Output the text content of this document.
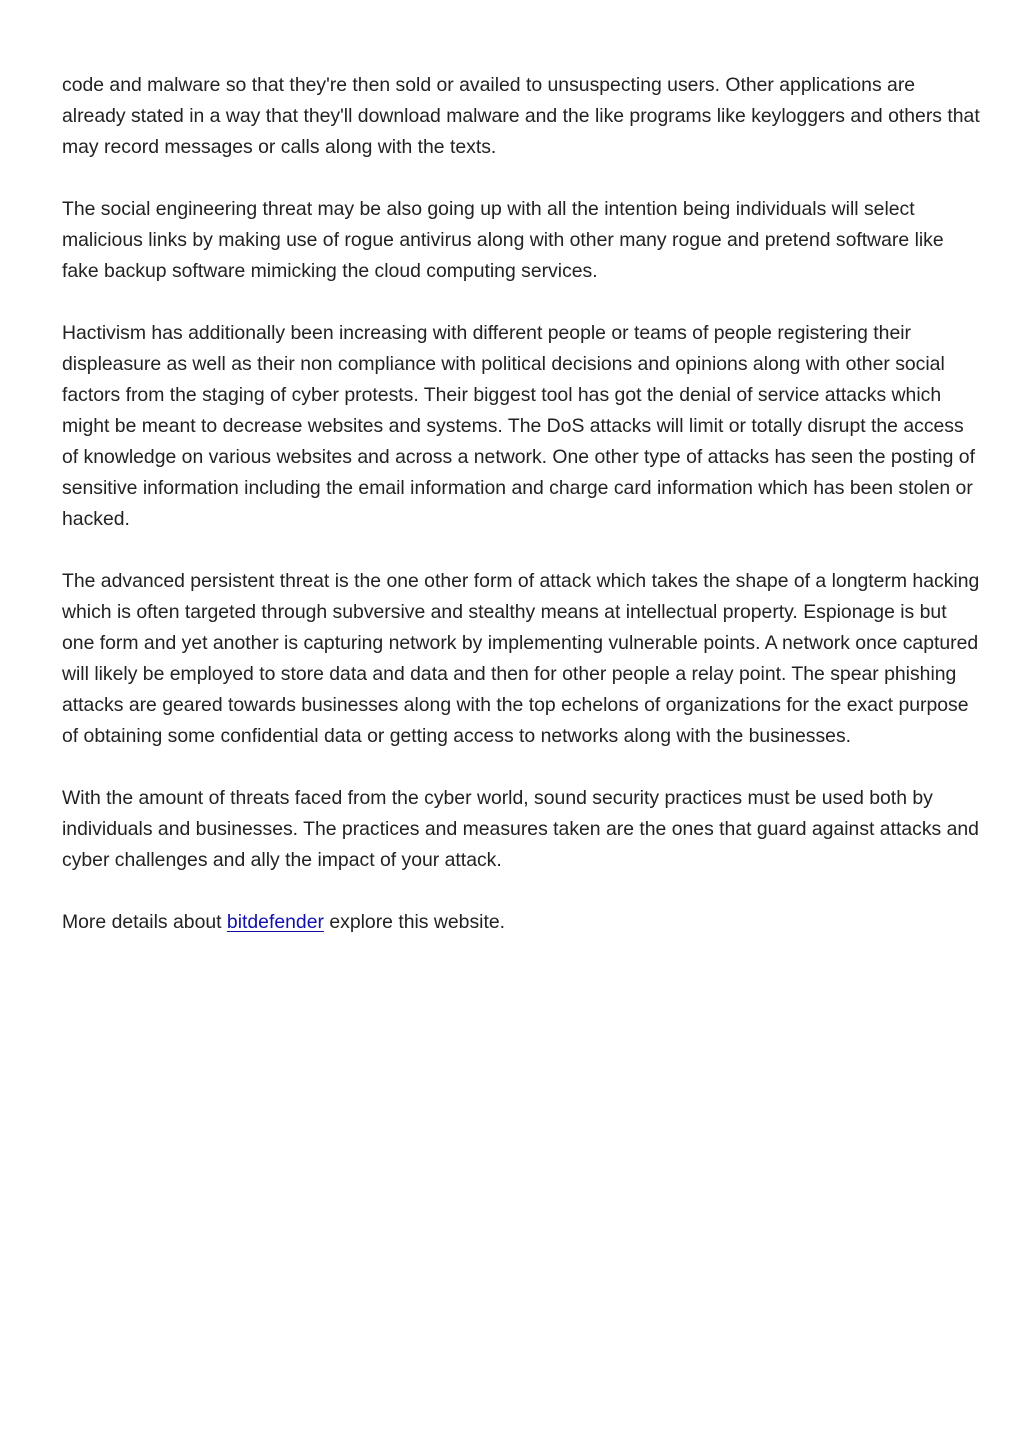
code and malware so that they're then sold or availed to unsuspecting users. Other applications are already stated in a way that they'll download malware and the like programs like keyloggers and others that may record messages or calls along with the texts.

The social engineering threat may be also going up with all the intention being individuals will select malicious links by making use of rogue antivirus along with other many rogue and pretend software like fake backup software mimicking the cloud computing services.

Hactivism has additionally been increasing with different people or teams of people registering their displeasure as well as their non compliance with political decisions and opinions along with other social factors from the staging of cyber protests. Their biggest tool has got the denial of service attacks which might be meant to decrease websites and systems. The DoS attacks will limit or totally disrupt the access of knowledge on various websites and across a network. One other type of attacks has seen the posting of sensitive information including the email information and charge card information which has been stolen or hacked.

The advanced persistent threat is the one other form of attack which takes the shape of a longterm hacking which is often targeted through subversive and stealthy means at intellectual property. Espionage is but one form and yet another is capturing network by implementing vulnerable points. A network once captured will likely be employed to store data and data and then for other people a relay point. The spear phishing attacks are geared towards businesses along with the top echelons of organizations for the exact purpose of obtaining some confidential data or getting access to networks along with the businesses.

With the amount of threats faced from the cyber world, sound security practices must be used both by individuals and businesses. The practices and measures taken are the ones that guard against attacks and cyber challenges and ally the impact of your attack.

More details about bitdefender explore this website.
